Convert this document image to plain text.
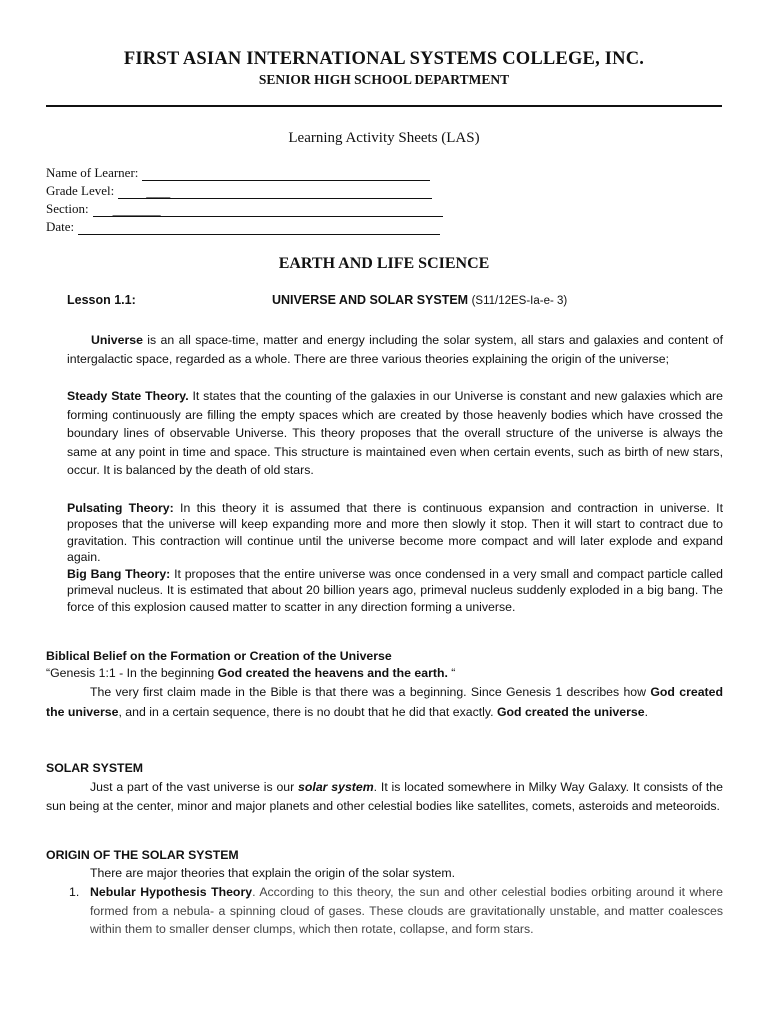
FIRST ASIAN INTERNATIONAL SYSTEMS COLLEGE, INC.
SENIOR HIGH SCHOOL DEPARTMENT
Learning Activity Sheets (LAS)
Name of Learner:
Grade Level:	____
Section:	________
Date:
EARTH AND LIFE SCIENCE
Lesson 1.1:	UNIVERSE AND SOLAR SYSTEM (S11/12ES-Ia-e- 3)
Universe is an all space-time, matter and energy including the solar system, all stars and galaxies and content of intergalactic space, regarded as a whole. There are three various theories explaining the origin of the universe;
Steady State Theory. It states that the counting of the galaxies in our Universe is constant and new galaxies which are forming continuously are filling the empty spaces which are created by those heavenly bodies which have crossed the boundary lines of observable Universe. This theory proposes that the overall structure of the universe is always the same at any point in time and space. This structure is maintained even when certain events, such as birth of new stars, occur. It is balanced by the death of old stars.
Pulsating Theory: In this theory it is assumed that there is continuous expansion and contraction in universe. It proposes that the universe will keep expanding more and more then slowly it stop. Then it will start to contract due to gravitation. This contraction will continue until the universe become more compact and will later explode and expand again.
Big Bang Theory: It proposes that the entire universe was once condensed in a very small and compact particle called primeval nucleus. It is estimated that about 20 billion years ago, primeval nucleus suddenly exploded in a big bang. The force of this explosion caused matter to scatter in any direction forming a universe.
Biblical Belief on the Formation or Creation of the Universe
“Genesis 1:1 - In the beginning God created the heavens and the earth. “
The very first claim made in the Bible is that there was a beginning. Since Genesis 1 describes how God created the universe, and in a certain sequence, there is no doubt that he did that exactly. God created the universe.
SOLAR SYSTEM
Just a part of the vast universe is our solar system. It is located somewhere in Milky Way Galaxy. It consists of the sun being at the center, minor and major planets and other celestial bodies like satellites, comets, asteroids and meteoroids.
ORIGIN OF THE SOLAR SYSTEM
There are major theories that explain the origin of the solar system.
1. Nebular Hypothesis Theory. According to this theory, the sun and other celestial bodies orbiting around it where formed from a nebula- a spinning cloud of gases. These clouds are gravitationally unstable, and matter coalesces within them to smaller denser clumps, which then rotate, collapse, and form stars.
